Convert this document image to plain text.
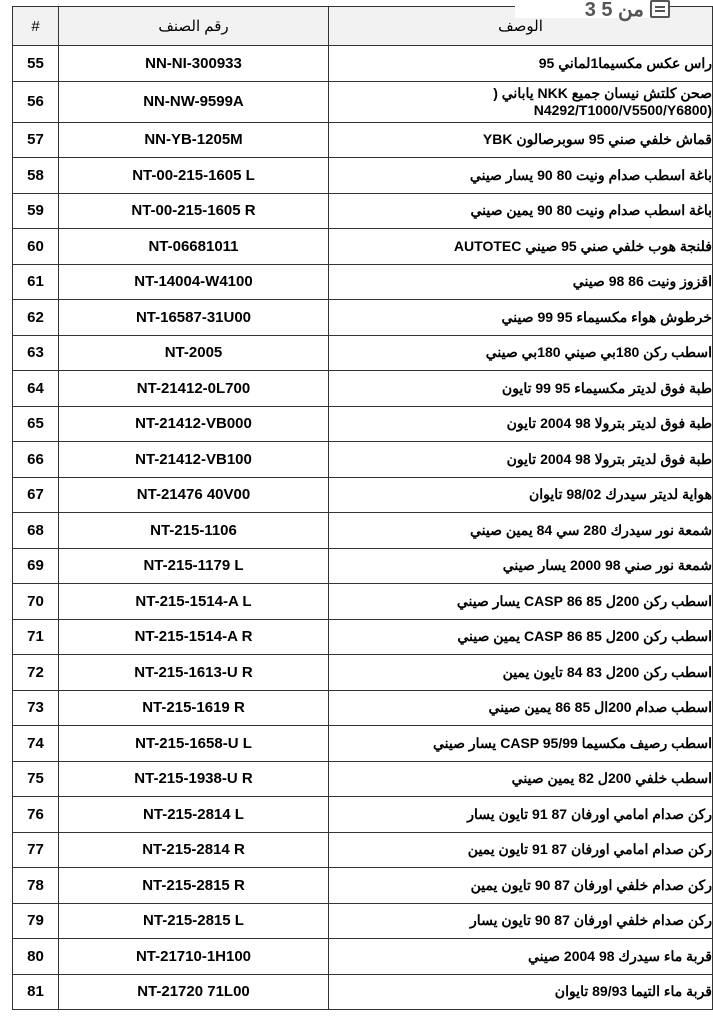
#	رقم الصنف	الوصف
55	NN-NI-300933	راس عكس مكسيما1لماني 95
56	NN-NW-9599A	صحن كلتش نيسان جميع NKK ياباني (
N4292/T1000/V5500/Y6800)

57	NN-YB-1205M	قماش خلفي صني 95 سوبرصالون YBK
58	NT-00-215-1605 L	باغة اسطب صدام ونيت 80 90 يسار صيني
59	NT-00-215-1605 R	باغة اسطب صدام ونيت 80 90 يمين صيني
60	NT-06681011	فلنجة هوب خلفي صني 95 صيني AUTOTEC
61	NT-14004-W4100	اقزوز ونيت 86 98 صيني
62	NT-16587-31U00	خرطوش هواء مكسيماء 95 99 صيني
63	NT-2005	اسطب ركن 180بي صيني 180بي صيني
64	NT-21412-0L700	طبة فوق لديتر مكسيماء 95 99 تايون
65	NT-21412-VB000	طبة فوق لديتر بترولا 98 2004 تايون
66	NT-21412-VB100	طبة فوق لديتر بترولا 98 2004 تايون
67	NT-21476 40V00	هواية لديتر سيدرك 98/02 تايوان
68	NT-215-1106	شمعة نور سيدرك 280 سي 84 يمين صيني
69	NT-215-1179 L	شمعة نور صني 98 2000 يسار صيني
70	NT-215-1514-A L	اسطب ركن 200ل 85 86 CASP يسار صيني
71	NT-215-1514-A R	اسطب ركن 200ل 85 86 CASP يمين صيني
72	NT-215-1613-U R	اسطب ركن 200ل 83 84 تايون يمين
73	NT-215-1619 R	اسطب صدام 200ال 85 86 يمين صيني
74	NT-215-1658-U L	اسطب رصيف مكسيما CASP 95/99 يسار صيني
75	NT-215-1938-U R	اسطب خلفي 200ل 82 يمين صيني
76	NT-215-2814 L	ركن صدام امامي اورفان 87 91 تايون يسار
77	NT-215-2814 R	ركن صدام امامي اورفان 87 91 تايون يمين
78	NT-215-2815 R	ركن صدام خلفي اورفان 87 90 تايون يمين
79	NT-215-2815 L	ركن صدام خلفي اورفان 87 90 تايون يسار
80	NT-21710-1H100	قربة ماء سيدرك 98 2004 صيني
81	NT-21720 71L00	قربة ماء التيما 89/93 تايوان
3 من 5
